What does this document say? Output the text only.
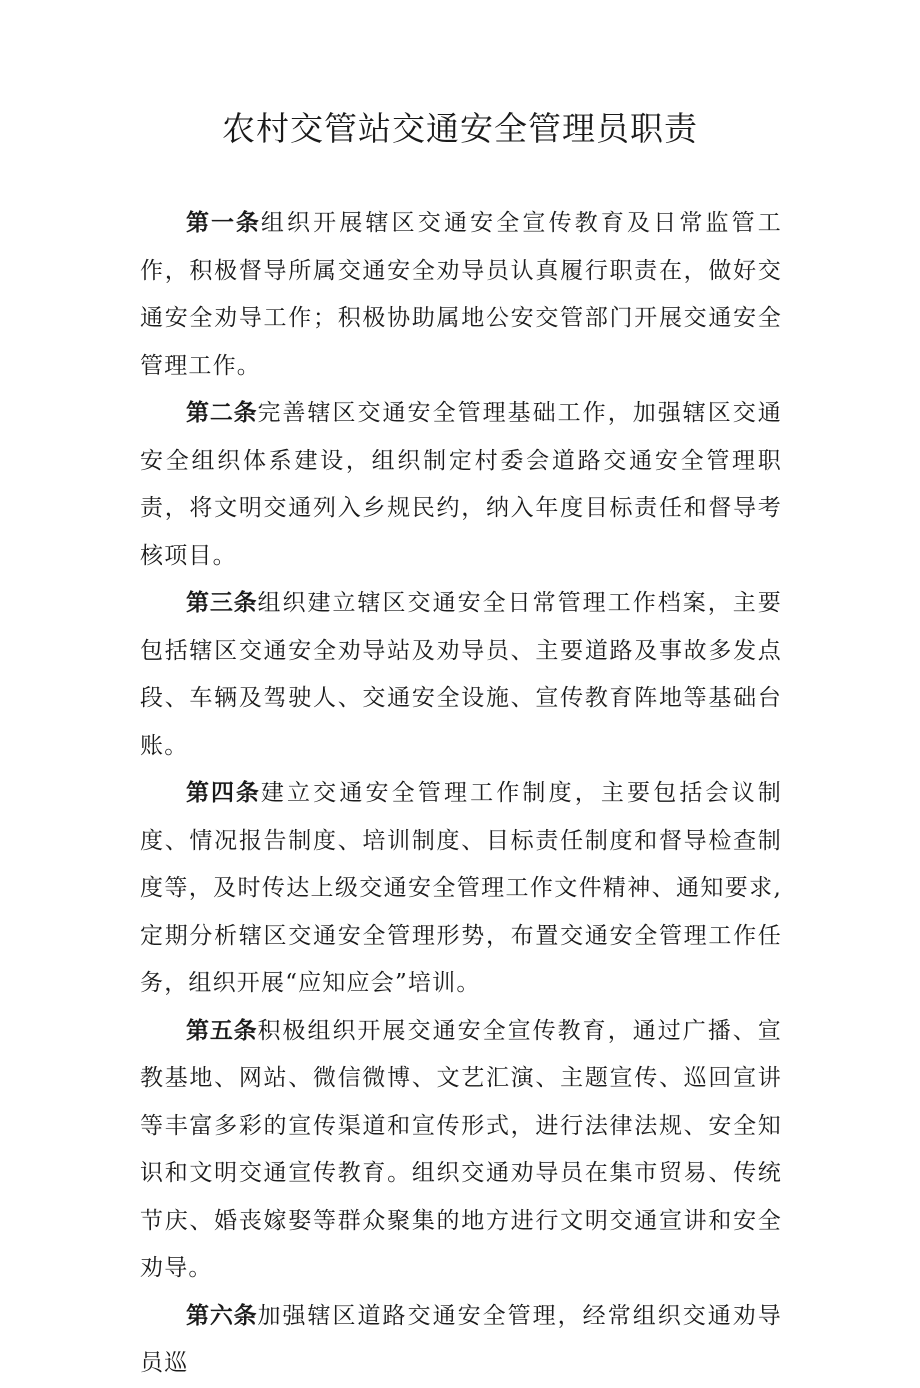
农村交管站交通安全管理员职责

第一条组织开展辖区交通安全宣传教育及日常监管工作，积极督导所属交通安全劝导员认真履行职责在，做好交通安全劝导工作；积极协助属地公安交管部门开展交通安全管理工作。

第二条完善辖区交通安全管理基础工作，加强辖区交通安全组织体系建设，组织制定村委会道路交通安全管理职责，将文明交通列入乡规民约，纳入年度目标责任和督导考核项目。

第三条组织建立辖区交通安全日常管理工作档案，主要包括辖区交通安全劝导站及劝导员、主要道路及事故多发点段、车辆及驾驶人、交通安全设施、宣传教育阵地等基础台账。

第四条建立交通安全管理工作制度，主要包括会议制度、情况报告制度、培训制度、目标责任制度和督导检查制度等，及时传达上级交通安全管理工作文件精神、通知要求,定期分析辖区交通安全管理形势，布置交通安全管理工作任务，组织开展“应知应会”培训。

第五条积极组织开展交通安全宣传教育，通过广播、宣教基地、网站、微信微博、文艺汇演、主题宣传、巡回宣讲等丰富多彩的宣传渠道和宣传形式，进行法律法规、安全知识和文明交通宣传教育。组织交通劝导员在集市贸易、传统节庆、婚丧嫁娶等群众聚集的地方进行文明交通宣讲和安全劝导。

第六条加强辖区道路交通安全管理，经常组织交通劝导员巡
